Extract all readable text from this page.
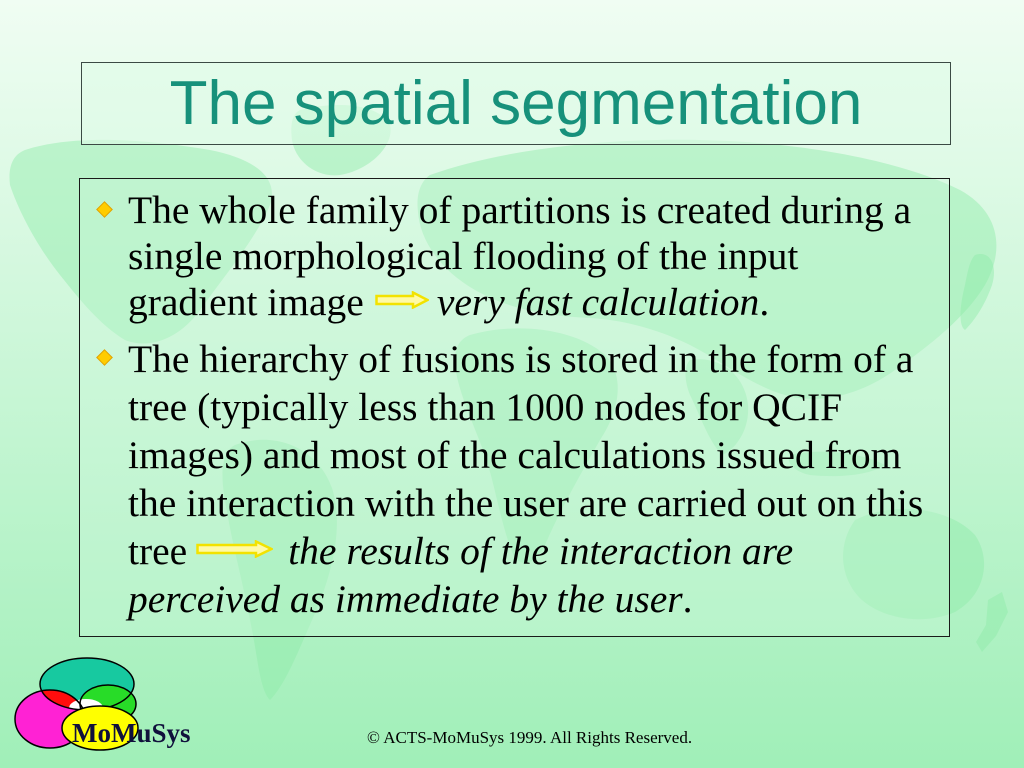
The spatial segmentation
The whole family of partitions is created during a
single morphological flooding of the input
gradient image very fast calculation.
The hierarchy of fusions is stored in the form of a
tree (typically less than 1000 nodes for QCIF
images) and most of the calculations issued from
the interaction with the user are carried out on this
tree	the results of the interaction are
perceived as immediate by the user.
MoMuSys	© ACTS-MoMuSys 1999. All Rights Reserved.
